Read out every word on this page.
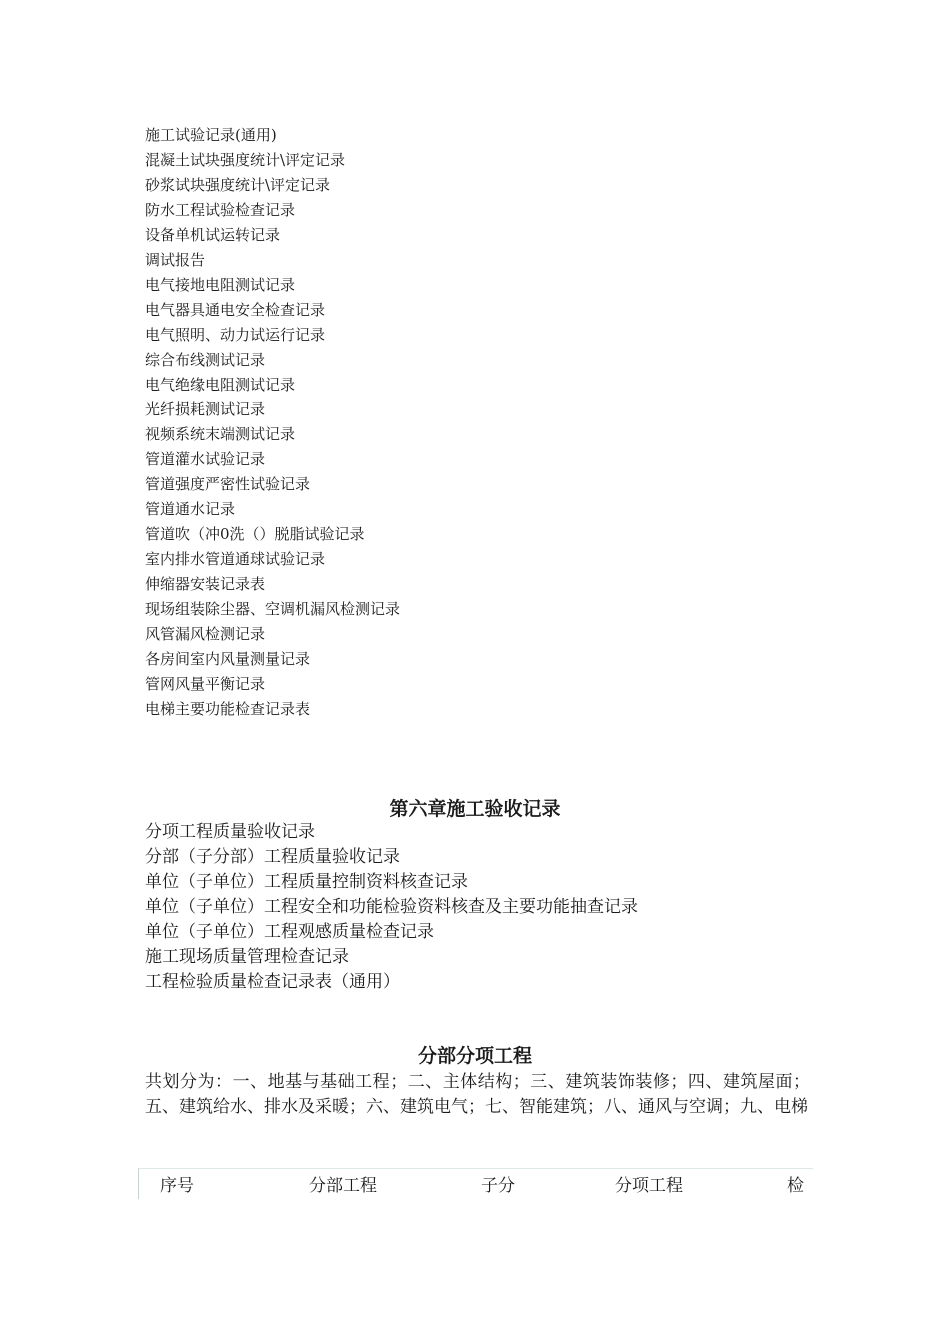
施工试验记录(通用)
混凝土试块强度统计\评定记录
砂浆试块强度统计\评定记录
防水工程试验检查记录
设备单机试运转记录
调试报告
电气接地电阻测试记录
电气器具通电安全检查记录
电气照明、动力试运行记录
综合布线测试记录
电气绝缘电阻测试记录
光纤损耗测试记录
视频系统末端测试记录
管道灌水试验记录
管道强度严密性试验记录
管道通水记录
管道吹（冲0洗（）脱脂试验记录
室内排水管道通球试验记录
伸缩器安装记录表
现场组装除尘器、空调机漏风检测记录
风管漏风检测记录
各房间室内风量测量记录
管网风量平衡记录
电梯主要功能检查记录表
第六章施工验收记录
分项工程质量验收记录
分部（子分部）工程质量验收记录
单位（子单位）工程质量控制资料核查记录
单位（子单位）工程安全和功能检验资料核查及主要功能抽查记录
单位（子单位）工程观感质量检查记录
施工现场质量管理检查记录
工程检验质量检查记录表（通用）
分部分项工程

共划分为：一、地基与基础工程；二、主体结构；三、建筑装饰装修；四、建筑屋面；五、建筑给水、排水及采暖；六、建筑电气；七、智能建筑；八、通风与空调；九、电梯

序号	分部工程	子分	分项工程	检
